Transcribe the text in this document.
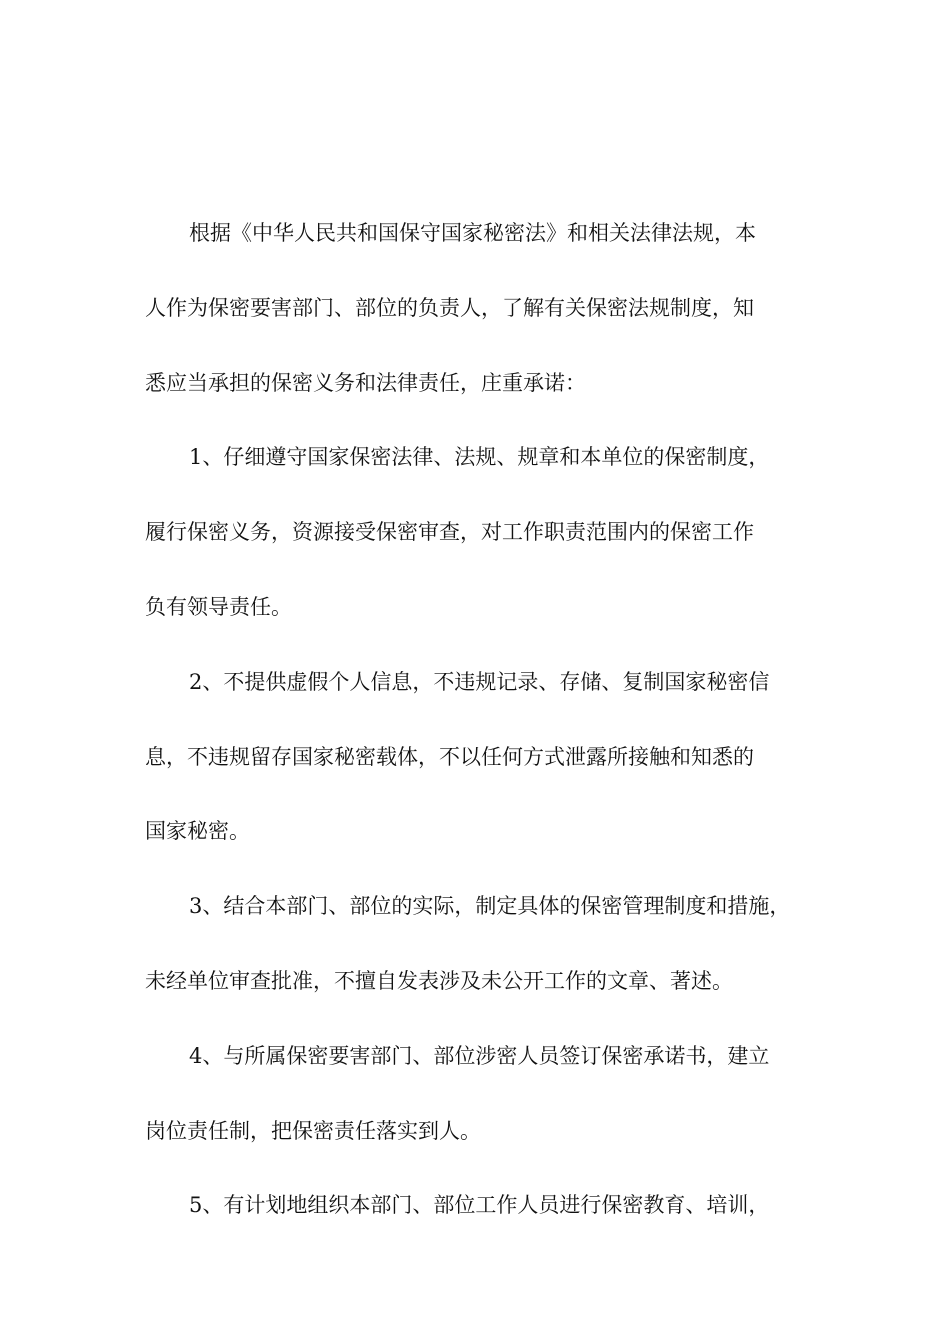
根据《中华人民共和国保守国家秘密法》和相关法律法规，本
人作为保密要害部门、部位的负责人，了解有关保密法规制度，知
悉应当承担的保密义务和法律责任，庄重承诺：
1、仔细遵守国家保密法律、法规、规章和本单位的保密制度，
履行保密义务，资源接受保密审查，对工作职责范围内的保密工作
负有领导责任。
2、不提供虚假个人信息，不违规记录、存储、复制国家秘密信
息，不违规留存国家秘密载体，不以任何方式泄露所接触和知悉的
国家秘密。
3、结合本部门、部位的实际，制定具体的保密管理制度和措施，
未经单位审查批准，不擅自发表涉及未公开工作的文章、著述。
4、与所属保密要害部门、部位涉密人员签订保密承诺书，建立
岗位责任制，把保密责任落实到人。
5、有计划地组织本部门、部位工作人员进行保密教育、培训，
